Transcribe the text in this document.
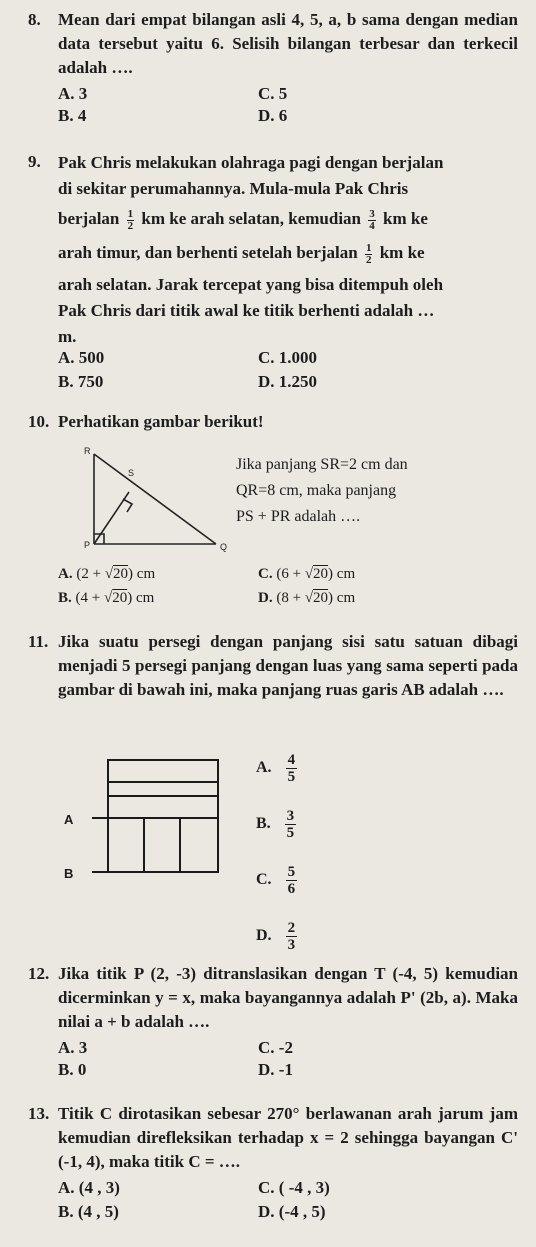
8.	Mean dari empat bilangan asli 4, 5, a, b sama dengan median data tersebut yaitu 6. Selisih bilangan terbesar dan terkecil adalah ….
A. 3	C. 5
B. 4	D. 6
9.	Pak Chris melakukan olahraga pagi dengan berjalan
di sekitar perumahannya. Mula-mula Pak Chris
berjalan $\frac{1}{2}$ km ke arah selatan, kemudian $\frac{3}{4}$ km ke
arah timur, dan berhenti setelah berjalan $\frac{1}{2}$ km ke
arah selatan. Jarak tercepat yang bisa ditempuh oleh
Pak Chris dari titik awal ke titik berhenti adalah …
m.
A. 500	C. 1.000
B. 750	D. 1.250
10. Perhatikan gambar berikut!
R
S
P	Q
Jika panjang SR=2 cm dan
QR=8 cm, maka panjang
PS + PR adalah ….
A. (2 + √20) cm	C. (6 + √20) cm
B. (4 + √20) cm	D. (8 + √20) cm
11. Jika suatu persegi dengan panjang sisi satu satuan dibagi menjadi 5 persegi panjang dengan luas yang sama seperti pada gambar di bawah ini, maka panjang ruas garis AB adalah ….
A
B
A. $\frac{4}{5}$
B. $\frac{3}{5}$
C. $\frac{5}{6}$
D. $\frac{2}{3}$
12. Jika titik P (2, -3) ditranslasikan dengan T (-4, 5) kemudian dicerminkan y = x, maka bayangannya adalah P' (2b, a). Maka nilai a + b adalah ….
A. 3	C. -2
B. 0	D. -1
13. Titik C dirotasikan sebesar 270° berlawanan arah jarum jam kemudian direfleksikan terhadap x = 2 sehingga bayangan C' (-1, 4), maka titik C = ….
A. (4 , 3)	C. ( -4 , 3)
B. (4 , 5)	D. (-4 , 5)
